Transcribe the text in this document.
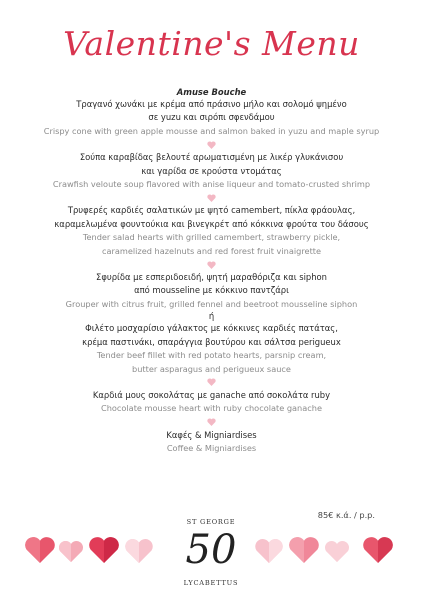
Valentine's Menu

Amuse Bouche

Τραγανό χωνάκι με κρέμα από πράσινο μήλο και σολομό ψημένο

σε yuzu και σιρόπι σφενδάμου

Crispy cone with green apple mousse and salmon baked in yuzu and maple syrup

Σούπα καραβίδας βελουτέ αρωματισμένη με λικέρ γλυκάνισου

και γαρίδα σε κρούστα ντομάτας

Crawfish veloute soup flavored with anise liqueur and tomato-crusted shrimp

Τρυφερές καρδιές σαλατικών με ψητό camembert, πίκλα φράουλας,

καραμελωμένα φουντούκια και βινεγκρέτ από κόκκινα φρούτα του δάσους

Tender salad hearts with grilled camembert, strawberry pickle,

caramelized hazelnuts and red forest fruit vinaigrette

Σφυρίδα με εσπεριδοειδή, ψητή μαραθόριζα και siphon

από mousseline με κόκκινο παντζάρι

Grouper with citrus fruit, grilled fennel and beetroot mousseline siphon

ή

Φιλέτο μοσχαρίσιο γάλακτος με κόκκινες καρδιές πατάτας,

κρέμα παστινάκι, σπαράγγια βουτύρου και σάλτσα perigueux

Tender beef fillet with red potato hearts, parsnip cream,

butter asparagus and perigueux sauce

Καρδιά μους σοκολάτας με ganache από σοκολάτα ruby

Chocolate mousse heart with ruby chocolate ganache

Καφές & Migniardises

Coffee & Migniardises

85€ κ.ά. / p.p.
ST GEORGE
50
LYCABETTUS
